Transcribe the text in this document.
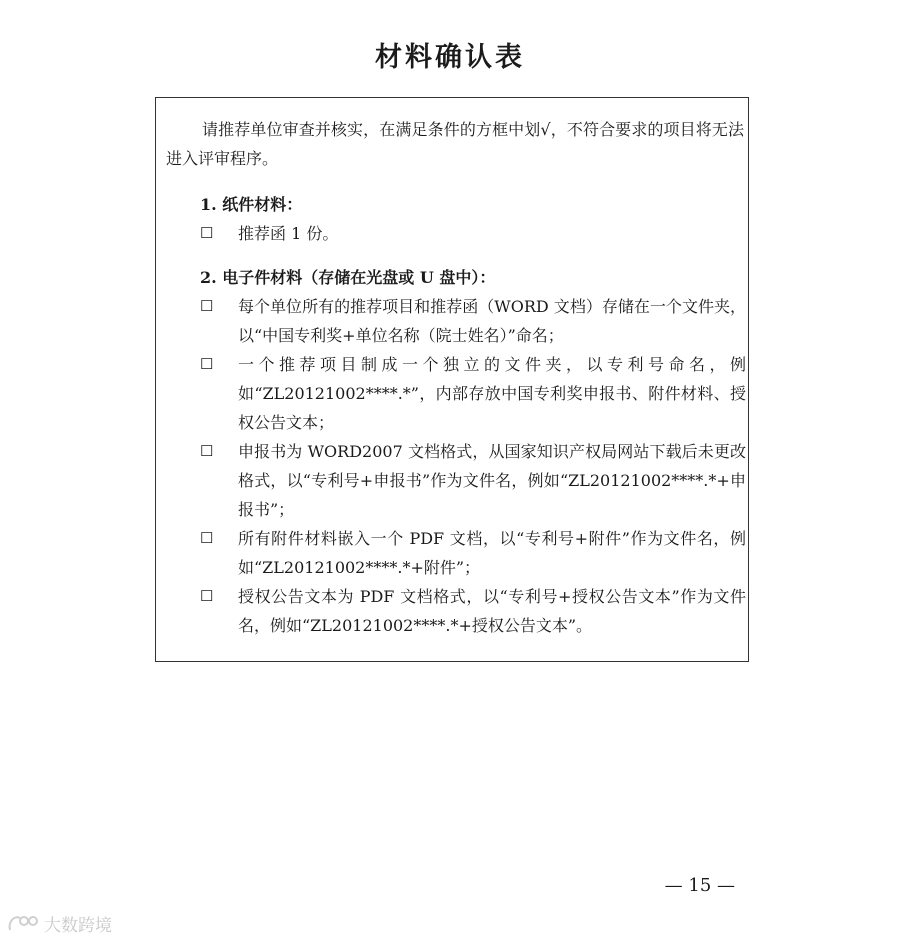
材料确认表
请推荐单位审查并核实，在满足条件的方框中划√，不符合要求的项目将无法进入评审程序。
1. 纸件材料：
☐	推荐函 1 份。
2. 电子件材料（存储在光盘或 U 盘中）：
☐	每个单位所有的推荐项目和推荐函（WORD 文档）存储在一个文件夹，以“中国专利奖+单位名称（院士姓名）”命名；
☐	一个推荐项目制成一个独立的文件夹，以专利号命名，例如“ZL20121002****.*”，内部存放中国专利奖申报书、附件材料、授权公告文本；
☐	申报书为 WORD2007 文档格式，从国家知识产权局网站下载后未更改格式，以“专利号+申报书”作为文件名，例如“ZL20121002****.*+申报书”；
☐	所有附件材料嵌入一个 PDF 文档，以“专利号+附件”作为文件名，例如“ZL20121002****.*+附件”；
☐	授权公告文本为 PDF 文档格式，以“专利号+授权公告文本”作为文件名，例如“ZL20121002****.*+授权公告文本”。
— 15 —
大数跨境
